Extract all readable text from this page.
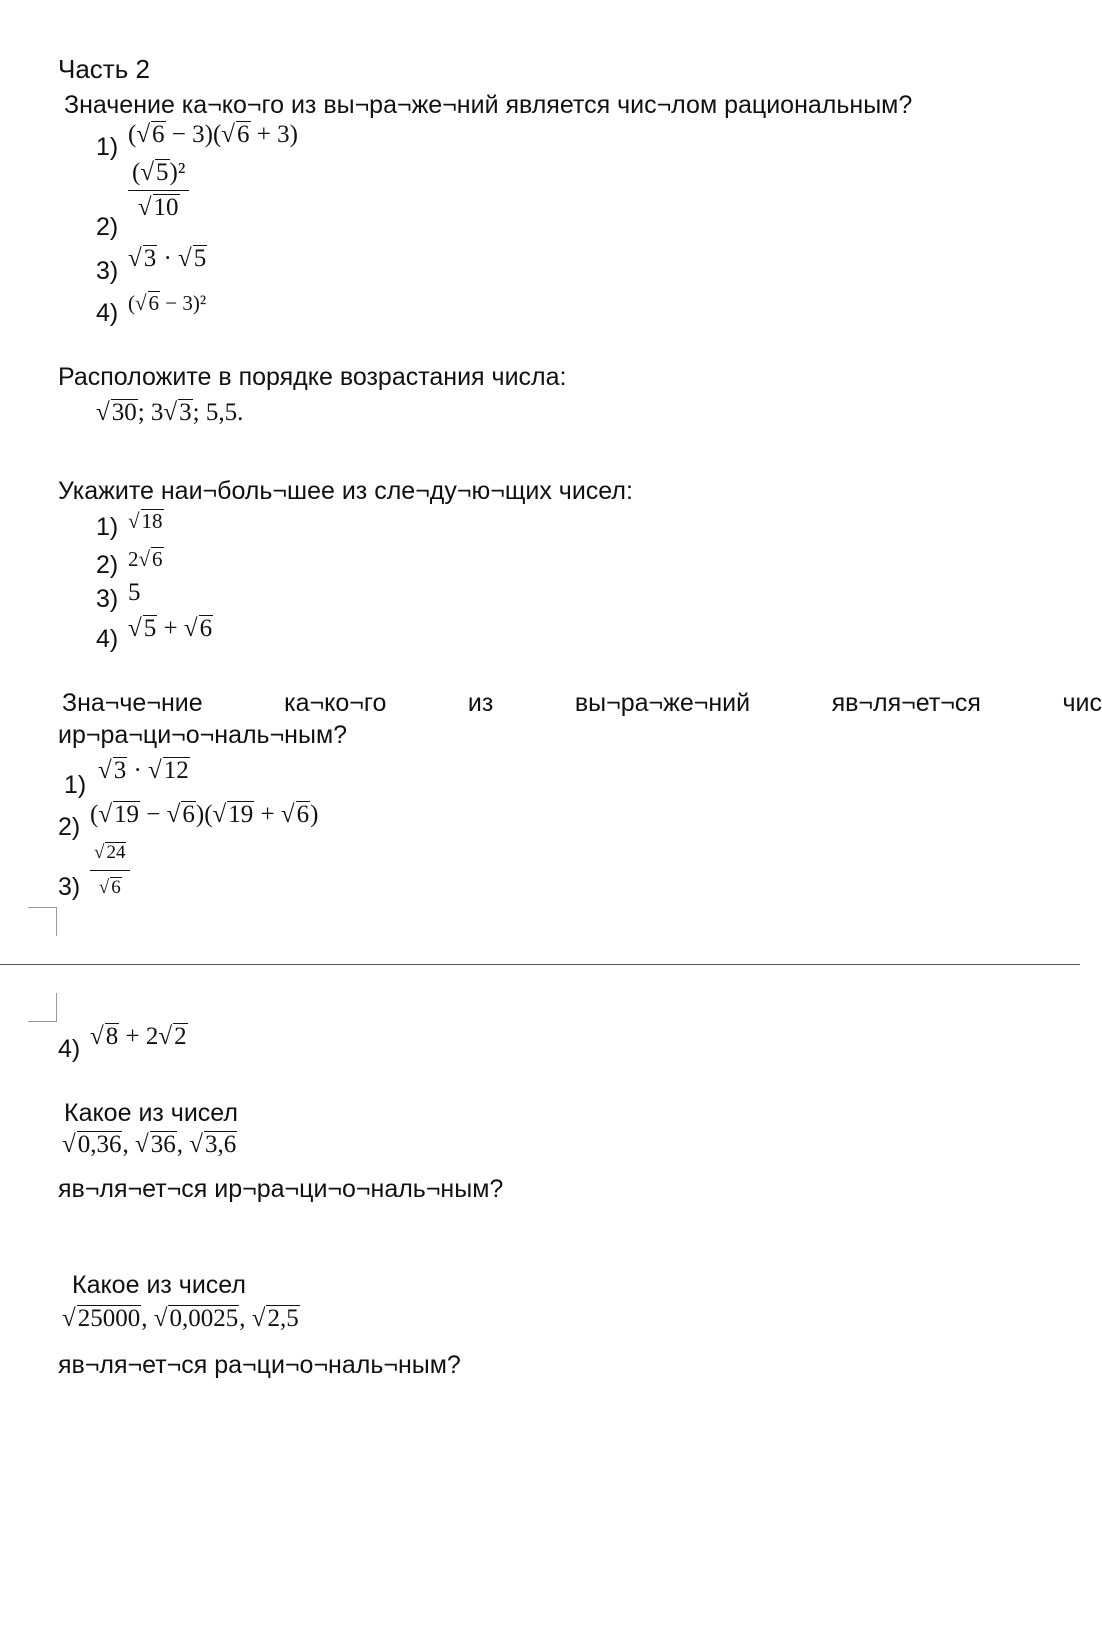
Часть 2
Значение ка¬ко¬го из вы¬ра¬же¬ний является чис¬лом рациональным?
1) (√6 − 3)(√6 + 3)
2)
$\frac{\text{(√5)²}}{√10}$
3) √3 · √5
4) (√6 − 3)²
Расположите в порядке возрастания числа:
√30; 3√3; 5,5.
Укажите наи¬боль¬шее из сле¬ду¬ю¬щих чисел:
1) √18
2) 2√6
3) 5
4) √5 + √6
Зна¬че¬ние	ка¬ко¬го	из	вы¬ра¬же¬ний	яв¬ля¬ет¬ся	чис
ир¬ра¬ци¬о¬наль¬ным?
1)
√3 · √12
2) (√19 − √6)(√19 + √6)
$3) \frac{√ 24}{√ 6}$
4) √8 + 2√2
Какое из чисел
√0,36, √36, √3,6
яв¬ля¬ет¬ся ир¬ра¬ци¬о¬наль¬ным?
Какое из чисел
√25000, √0,0025, √2,5
яв¬ля¬ет¬ся ра¬ци¬о¬наль¬ным?
